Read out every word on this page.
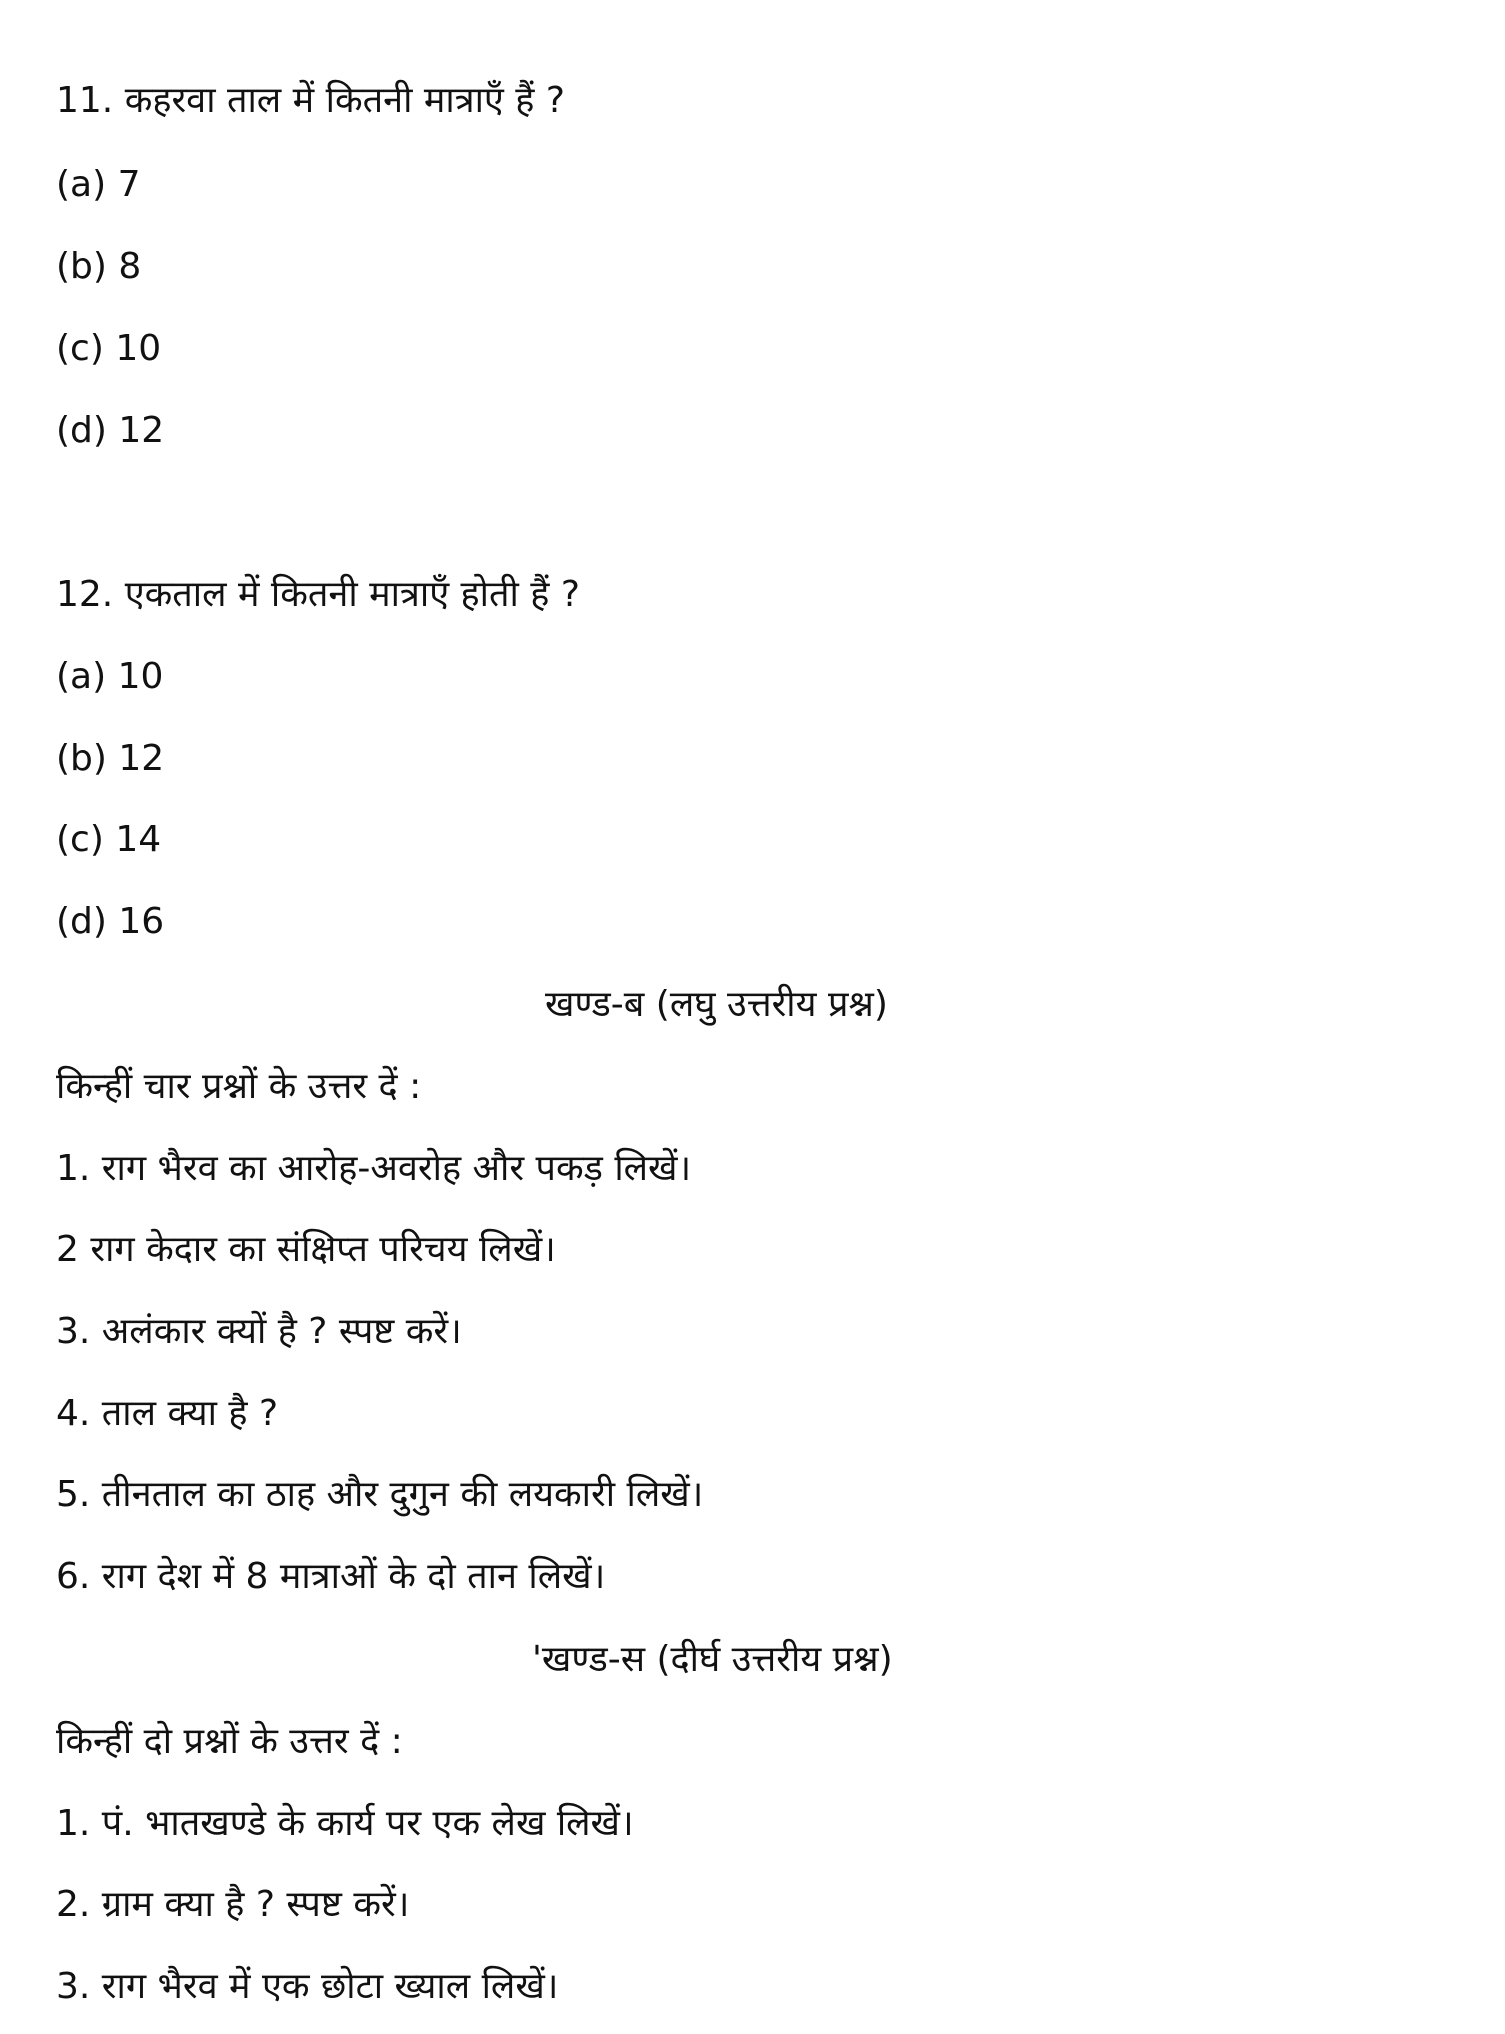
11. कहरवा ताल में कितनी मात्राएँ हैं ?
(a) 7
(b) 8
(c) 10
(d) 12
12. एकताल में कितनी मात्राएँ होती हैं ?
(a) 10
(b) 12
(c) 14
(d) 16
खण्ड-ब (लघु उत्तरीय प्रश्न)
किन्हीं चार प्रश्नों के उत्तर दें :
1. राग भैरव का आरोह-अवरोह और पकड़ लिखें।
2 राग केदार का संक्षिप्त परिचय लिखें।
3. अलंकार क्यों है ? स्पष्ट करें।
4. ताल क्या है ?
5. तीनताल का ठाह और दुगुन की लयकारी लिखें।
6. राग देश में 8 मात्राओं के दो तान लिखें।
'खण्ड-स (दीर्घ उत्तरीय प्रश्न)
किन्हीं दो प्रश्नों के उत्तर दें :
1. पं. भातखण्डे के कार्य पर एक लेख लिखें।
2. ग्राम क्या है ? स्पष्ट करें।
3. राग भैरव में एक छोटा ख्याल लिखें।
